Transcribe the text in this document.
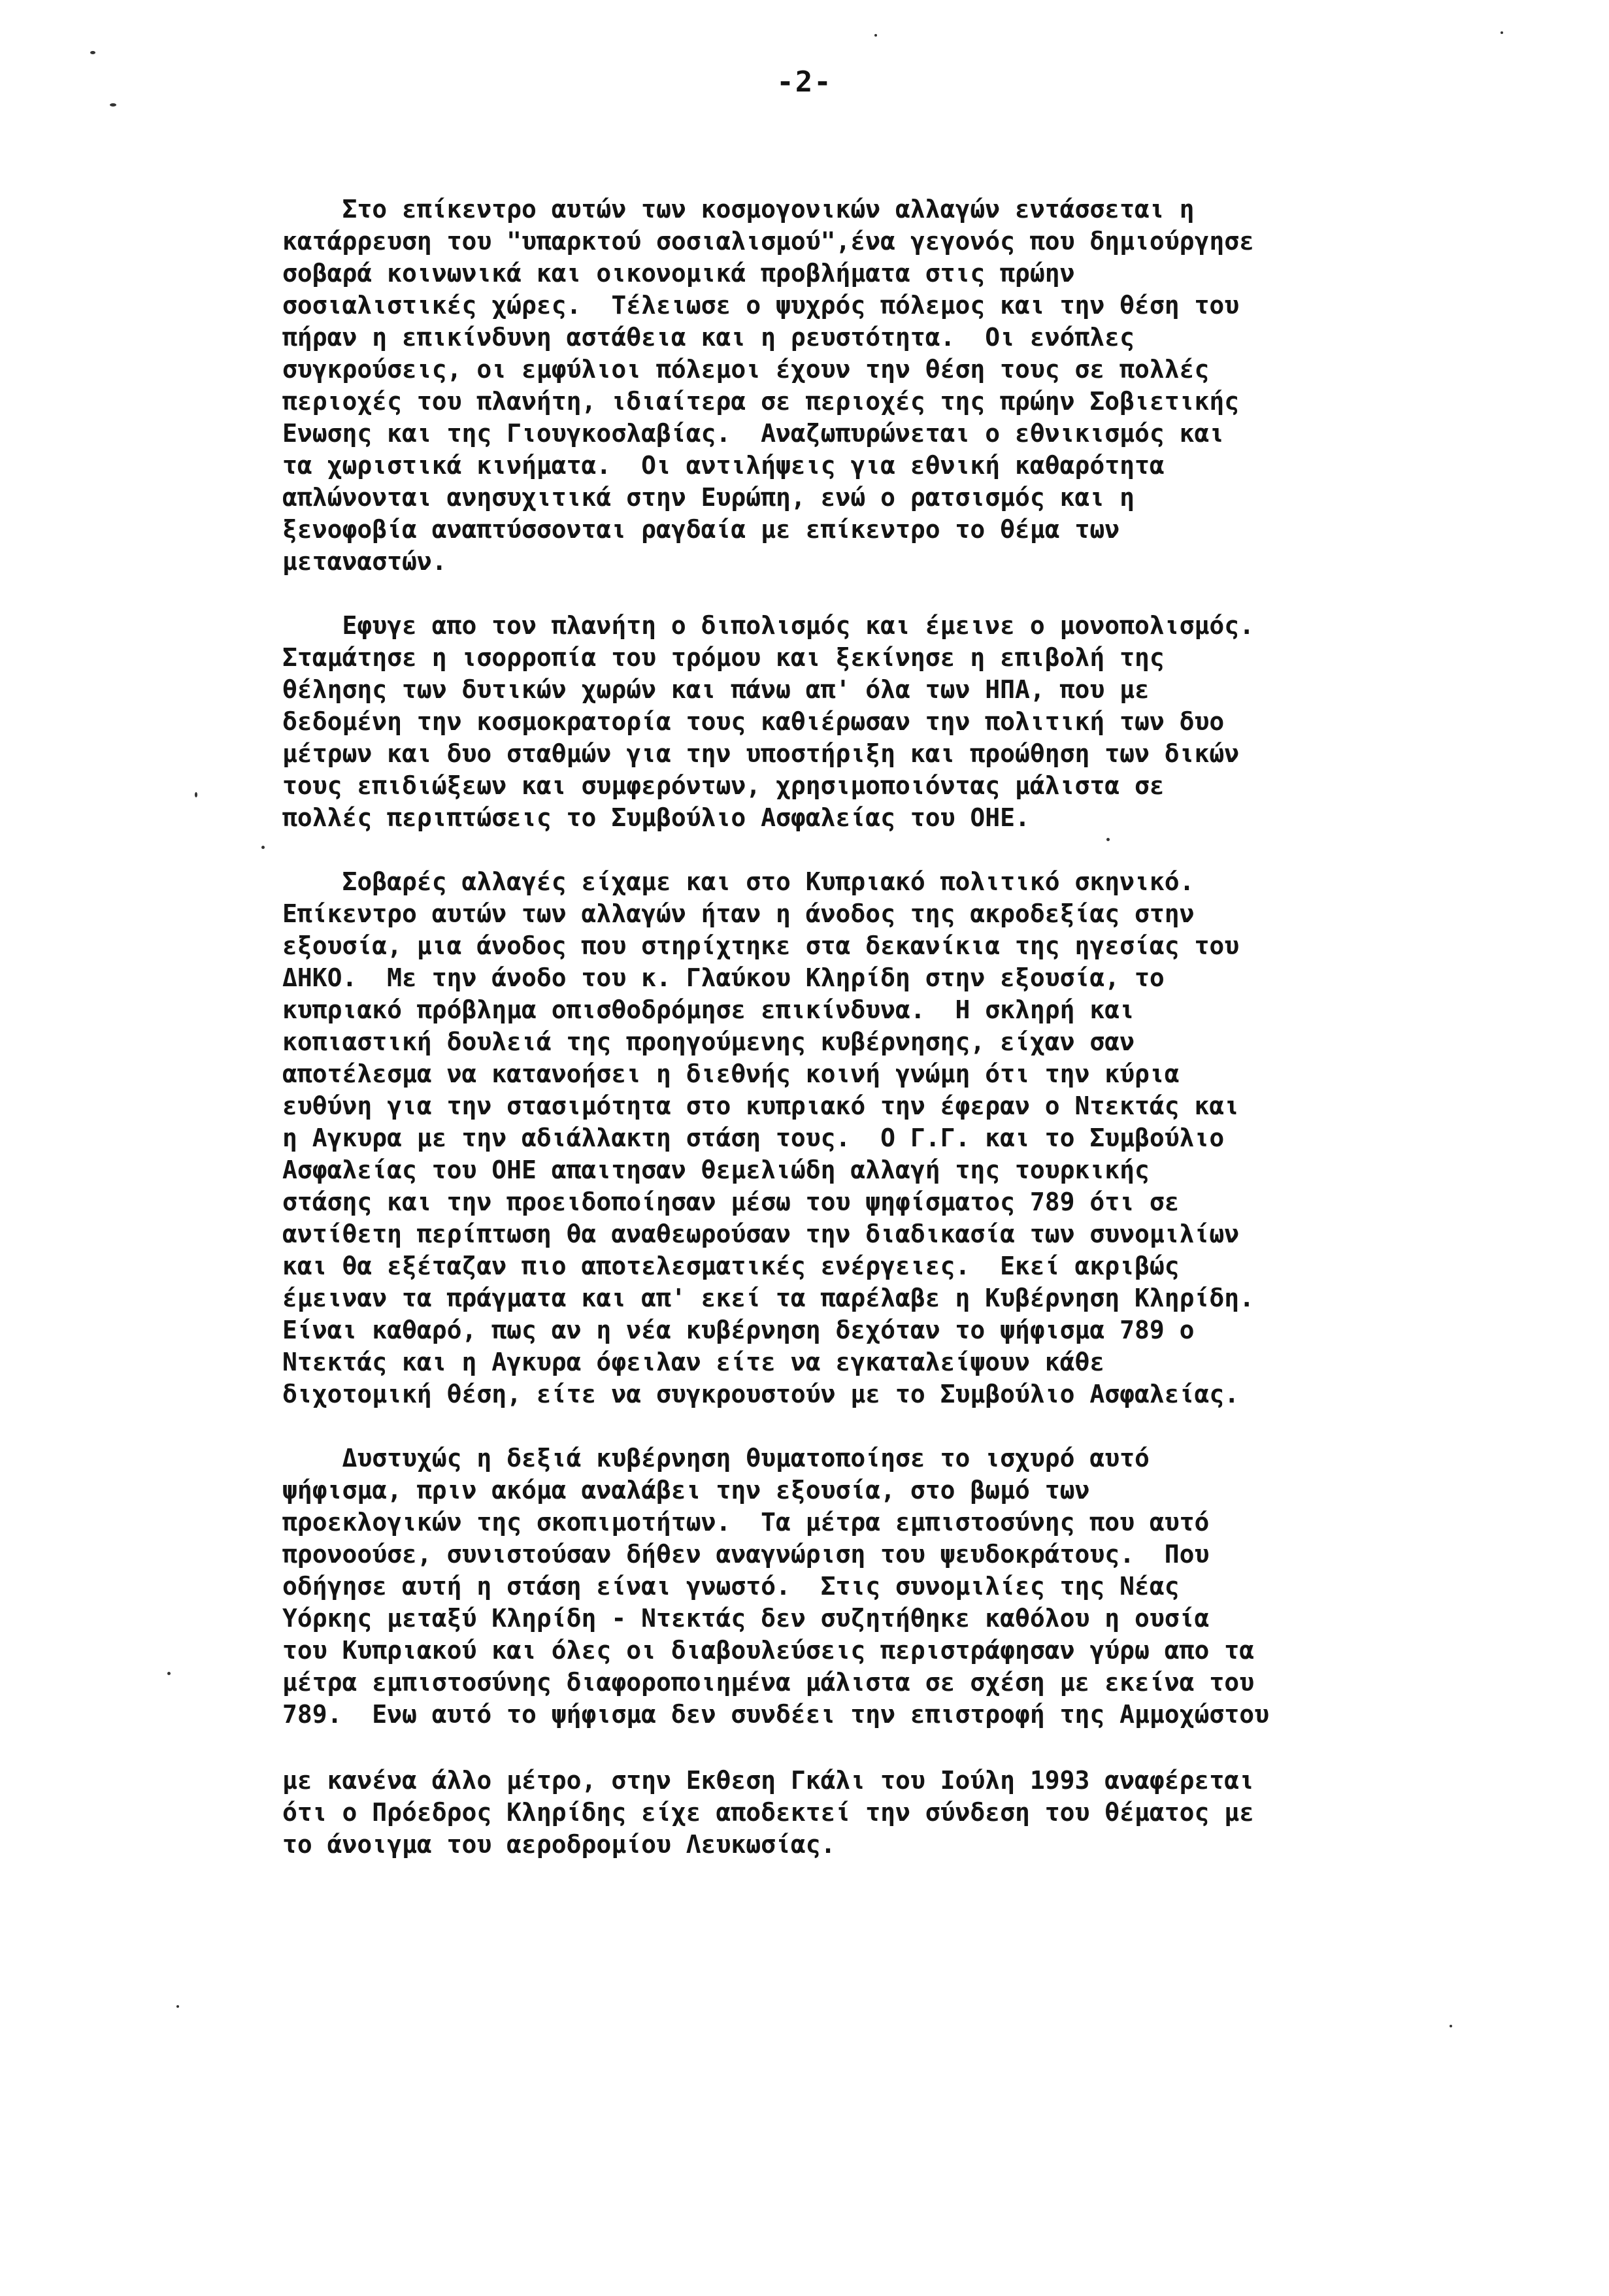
-2-

Στο επίκεντρο αυτών των κοσμογονικών αλλαγών εντάσσεται η
κατάρρευση του "υπαρκτού σοσιαλισμού",ένα γεγονός που δημιούργησε
σοβαρά κοινωνικά και οικονομικά προβλήματα στις πρώην
σοσιαλιστικές χώρες.  Τέλειωσε ο ψυχρός πόλεμος και την θέση του
πήραν η επικίνδυνη αστάθεια και η ρευστότητα.  Οι ενόπλες
συγκρούσεις, οι εμφύλιοι πόλεμοι έχουν την θέση τους σε πολλές
περιοχές του πλανήτη, ιδιαίτερα σε περιοχές της πρώην Σοβιετικής
Ενωσης και της Γιουγκοσλαβίας.  Αναζωπυρώνεται ο εθνικισμός και
τα χωριστικά κινήματα.  Οι αντιλήψεις για εθνική καθαρότητα
απλώνονται ανησυχιτικά στην Ευρώπη, ενώ ο ρατσισμός και η
ξενοφοβία αναπτύσσονται ραγδαία με επίκεντρο το θέμα των
μεταναστών.

Εφυγε απο τον πλανήτη ο διπολισμός και έμεινε ο μονοπολισμός.
Σταμάτησε η ισορροπία του τρόμου και ξεκίνησε η επιβολή της
θέλησης των δυτικών χωρών και πάνω απ' όλα των ΗΠΑ, που με
δεδομένη την κοσμοκρατορία τους καθιέρωσαν την πολιτική των δυο
μέτρων και δυο σταθμών για την υποστήριξη και προώθηση των δικών
τους επιδιώξεων και συμφερόντων, χρησιμοποιόντας μάλιστα σε
πολλές περιπτώσεις το Συμβούλιο Ασφαλείας του ΟΗΕ.

Σοβαρές αλλαγές είχαμε και στο Κυπριακό πολιτικό σκηνικό.
Επίκεντρο αυτών των αλλαγών ήταν η άνοδος της ακροδεξίας στην
εξουσία, μια άνοδος που στηρίχτηκε στα δεκανίκια της ηγεσίας του
ΔΗΚΟ.  Με την άνοδο του κ. Γλαύκου Κληρίδη στην εξουσία, το
κυπριακό πρόβλημα οπισθοδρόμησε επικίνδυνα.  Η σκληρή και
κοπιαστική δουλειά της προηγούμενης κυβέρνησης, είχαν σαν
αποτέλεσμα να κατανοήσει η διεθνής κοινή γνώμη ότι την κύρια
ευθύνη για την στασιμότητα στο κυπριακό την έφεραν ο Ντεκτάς και
η Αγκυρα με την αδιάλλακτη στάση τους.  Ο Γ.Γ. και το Συμβούλιο
Ασφαλείας του ΟΗΕ απαιτησαν θεμελιώδη αλλαγή της τουρκικής
στάσης και την προειδοποίησαν μέσω του ψηφίσματος 789 ότι σε
αντίθετη περίπτωση θα αναθεωρούσαν την διαδικασία των συνομιλίων
και θα εξέταζαν πιο αποτελεσματικές ενέργειες.  Εκεί ακριβώς
έμειναν τα πράγματα και απ' εκεί τα παρέλαβε η Κυβέρνηση Κληρίδη.
Είναι καθαρό, πως αν η νέα κυβέρνηση δεχόταν το ψήφισμα 789 ο
Ντεκτάς και η Αγκυρα όφειλαν είτε να εγκαταλείψουν κάθε
διχοτομική θέση, είτε να συγκρουστούν με το Συμβούλιο Ασφαλείας.

Δυστυχώς η δεξιά κυβέρνηση θυματοποίησε το ισχυρό αυτό
ψήφισμα, πριν ακόμα αναλάβει την εξουσία, στο βωμό των
προεκλογικών της σκοπιμοτήτων.  Τα μέτρα εμπιστοσύνης που αυτό
προνοούσε, συνιστούσαν δήθεν αναγνώριση του ψευδοκράτους.  Που
οδήγησε αυτή η στάση είναι γνωστό.  Στις συνομιλίες της Νέας
Υόρκης μεταξύ Κληρίδη - Ντεκτάς δεν συζητήθηκε καθόλου η ουσία
του Κυπριακού και όλες οι διαβουλεύσεις περιστράφησαν γύρω απο τα
μέτρα εμπιστοσύνης διαφοροποιημένα μάλιστα σε σχέση με εκείνα του
789.  Ενω αυτό το ψήφισμα δεν συνδέει την επιστροφή της Αμμοχώστου

με κανένα άλλο μέτρο, στην Εκθεση Γκάλι του Ιούλη 1993 αναφέρεται
ότι ο Πρόεδρος Κληρίδης είχε αποδεκτεί την σύνδεση του θέματος με
το άνοιγμα του αεροδρομίου Λευκωσίας.
